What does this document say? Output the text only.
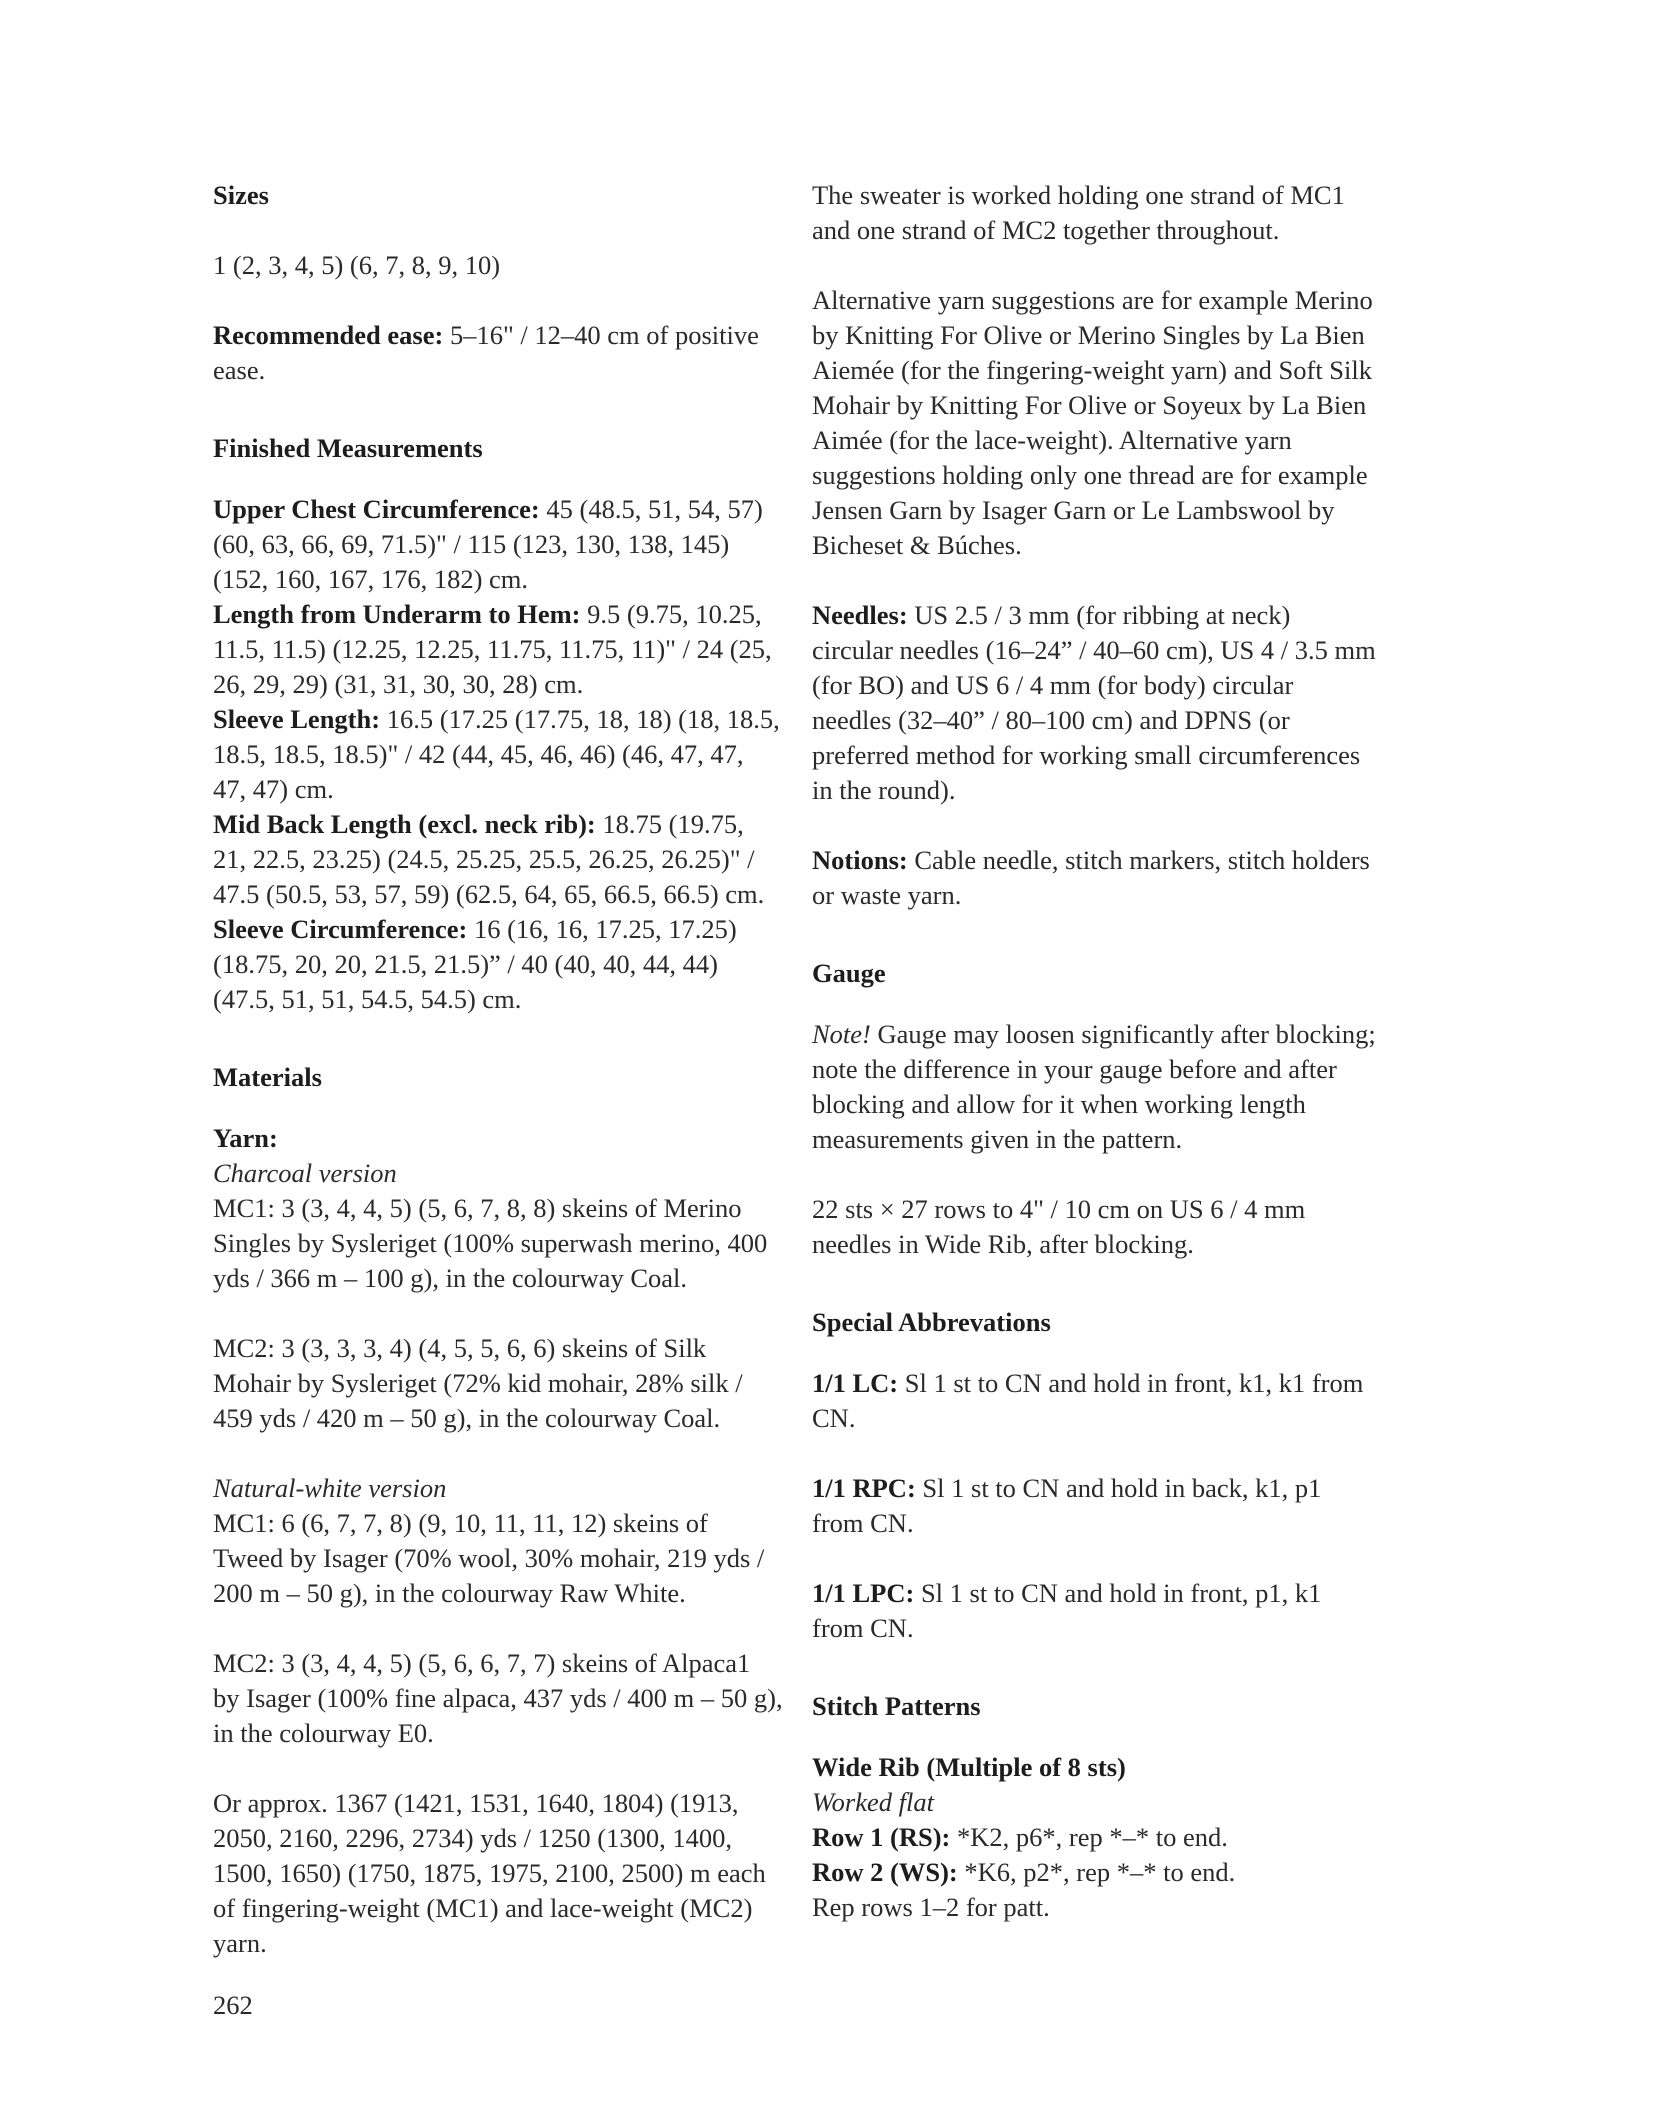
Sizes

1 (2, 3, 4, 5) (6, 7, 8, 9, 10)

Recommended ease: 5–16" / 12–40 cm of positive ease.

Finished Measurements

Upper Chest Circumference: 45 (48.5, 51, 54, 57) (60, 63, 66, 69, 71.5)" / 115 (123, 130, 138, 145) (152, 160, 167, 176, 182) cm.

Length from Underarm to Hem: 9.5 (9.75, 10.25, 11.5, 11.5) (12.25, 12.25, 11.75, 11.75, 11)" / 24 (25, 26, 29, 29) (31, 31, 30, 30, 28) cm.

Sleeve Length: 16.5 (17.25 (17.75, 18, 18) (18, 18.5, 18.5, 18.5, 18.5)" / 42 (44, 45, 46, 46) (46, 47, 47, 47, 47) cm.

Mid Back Length (excl. neck rib): 18.75 (19.75, 21, 22.5, 23.25) (24.5, 25.25, 25.5, 26.25, 26.25)" / 47.5 (50.5, 53, 57, 59) (62.5, 64, 65, 66.5, 66.5) cm.

Sleeve Circumference: 16 (16, 16, 17.25, 17.25) (18.75, 20, 20, 21.5, 21.5)” / 40 (40, 40, 44, 44) (47.5, 51, 51, 54.5, 54.5) cm.

Materials

Yarn:

Charcoal version

MC1: 3 (3, 4, 4, 5) (5, 6, 7, 8, 8) skeins of Merino Singles by Sysleriget (100% superwash merino, 400 yds / 366 m – 100 g), in the colourway Coal.

MC2: 3 (3, 3, 3, 4) (4, 5, 5, 6, 6) skeins of Silk Mohair by Sysleriget (72% kid mohair, 28% silk / 459 yds / 420 m – 50 g), in the colourway Coal.

Natural-white version

MC1: 6 (6, 7, 7, 8) (9, 10, 11, 11, 12) skeins of Tweed by Isager (70% wool, 30% mohair, 219 yds / 200 m – 50 g), in the colourway Raw White.

MC2: 3 (3, 4, 4, 5) (5, 6, 6, 7, 7) skeins of Alpaca1 by Isager (100% fine alpaca, 437 yds / 400 m – 50 g), in the colourway E0.

Or approx. 1367 (1421, 1531, 1640, 1804) (1913, 2050, 2160, 2296, 2734) yds / 1250 (1300, 1400, 1500, 1650) (1750, 1875, 1975, 2100, 2500) m each of fingering-weight (MC1) and lace-weight (MC2) yarn.

The sweater is worked holding one strand of MC1 and one strand of MC2 together throughout.

Alternative yarn suggestions are for example Merino by Knitting For Olive or Merino Singles by La Bien Aiemée (for the fingering-weight yarn) and Soft Silk Mohair by Knitting For Olive or Soyeux by La Bien Aimée (for the lace-weight). Alternative yarn suggestions holding only one thread are for example Jensen Garn by Isager Garn or Le Lambswool by Bicheset & Búches.

Needles: US 2.5 / 3 mm (for ribbing at neck) circular needles (16–24” / 40–60 cm), US 4 / 3.5 mm (for BO) and US 6 / 4 mm (for body) circular needles (32–40” / 80–100 cm) and DPNS (or preferred method for working small circumferences in the round).

Notions: Cable needle, stitch markers, stitch holders or waste yarn.

Gauge

Note! Gauge may loosen significantly after blocking; note the difference in your gauge before and after blocking and allow for it when working length measurements given in the pattern.

22 sts × 27 rows to 4" / 10 cm on US 6 / 4 mm needles in Wide Rib, after blocking.

Special Abbrevations

1/1 LC: Sl 1 st to CN and hold in front, k1, k1 from CN.

1/1 RPC: Sl 1 st to CN and hold in back, k1, p1 from CN.

1/1 LPC: Sl 1 st to CN and hold in front, p1, k1 from CN.

Stitch Patterns

Wide Rib (Multiple of 8 sts)

Worked flat

Row 1 (RS): *K2, p6*, rep *–* to end.

Row 2 (WS): *K6, p2*, rep *–* to end.

Rep rows 1–2 for patt.

262
